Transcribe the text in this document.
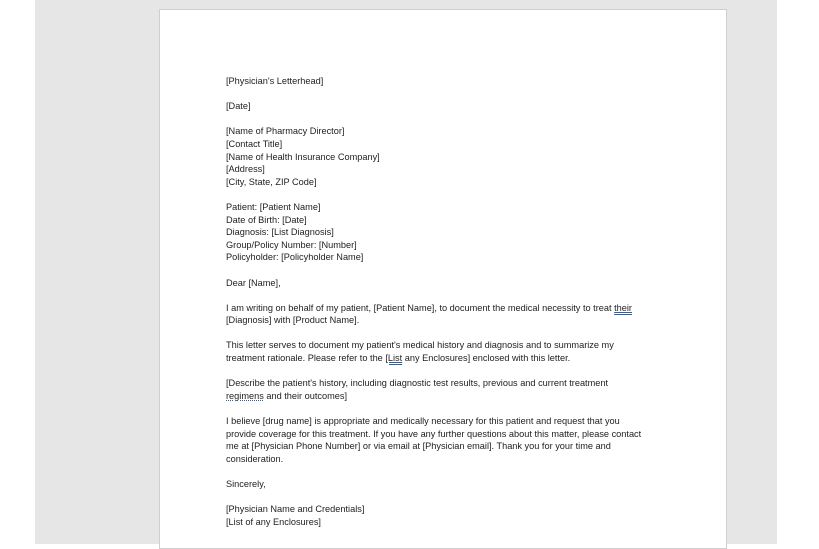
[Physician's Letterhead]

[Date]

[Name of Pharmacy Director]
[Contact Title]
[Name of Health Insurance Company]
[Address]
[City, State, ZIP Code]

Patient: [Patient Name]
Date of Birth: [Date]
Diagnosis: [List Diagnosis]
Group/Policy Number: [Number]
Policyholder: [Policyholder Name]

Dear [Name],

I am writing on behalf of my patient, [Patient Name], to document the medical necessity to treat their
[Diagnosis] with [Product Name].

This letter serves to document my patient's medical history and diagnosis and to summarize my
treatment rationale. Please refer to the [List any Enclosures] enclosed with this letter.

[Describe the patient's history, including diagnostic test results, previous and current treatment
regimens and their outcomes]

I believe [drug name] is appropriate and medically necessary for this patient and request that you
provide coverage for this treatment. If you have any further questions about this matter, please contact
me at [Physician Phone Number] or via email at [Physician email]. Thank you for your time and
consideration.

Sincerely,

[Physician Name and Credentials]
[List of any Enclosures]
